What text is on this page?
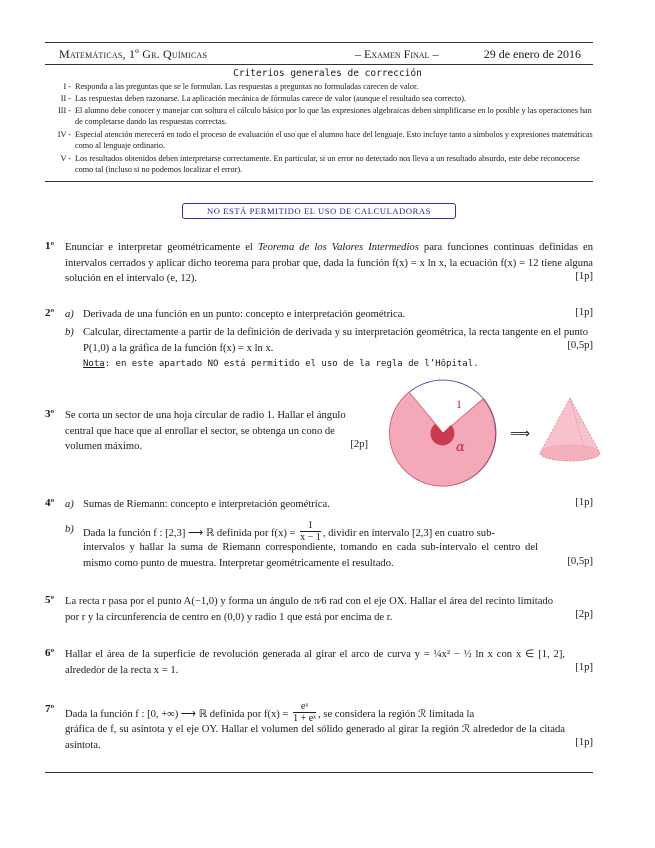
Matemáticas, 1º Gr. Químicas	– Examen Final –	29 de enero de 2016
Criterios generales de corrección
I - Responda a las preguntas que se le formulan. Las respuestas a preguntas no formuladas carecen de valor.
II - Las respuestas deben razonarse. La aplicación mecánica de fórmulas carece de valor (aunque el resultado sea correcto).
III - El alumno debe conocer y manejar con soltura el cálculo básico por lo que las expresiones algebraicas deben simplificarse en lo posible y las operaciones han de completarse dando las respuestas correctas.
IV - Especial atención merecerá en todo el proceso de evaluación el uso que el alumno hace del lenguaje. Esto incluye tanto a símbolos y expresiones matemáticas como al lenguaje ordinario.
V - Los resultados obtenidos deben interpretarse correctamente. En particular, si un error no detectado nos lleva a un resultado absurdo, este debe reconocerse como tal (incluso si no podemos localizar el error).
NO ESTÁ PERMITIDO EL USO DE CALCULADORAS
1º Enunciar e interpretar geométricamente el Teorema de los Valores Intermedios para funciones continuas definidas en intervalos cerrados y aplicar dicho teorema para probar que, dada la función f(x) = x ln x, la ecuación f(x) = 12 tiene alguna solución en el intervalo (e, 12).	[1p]
2º a) Derivada de una función en un punto: concepto e interpretación geométrica.	[1p]
b) Calcular, directamente a partir de la definición de derivada y su interpretación geométrica, la recta tangente en el punto P(1,0) a la gráfica de la función f(x) = x ln x.	[0,5p]
Nota: en este apartado NO está permitido el uso de la regla de l’Hôpital.
3º Se corta un sector de una hoja circular de radio 1. Hallar el ángulo central que hace que al enrollar el sector, se obtenga un cono de volumen máximo.	[2p]	α
1
⟹
4º a) Sumas de Riemann: concepto e interpretación geométrica.	[1p]
b) Dada la función f : [2,3] ⟶ ℝ definida por $f(x) = \frac{1}{x - 1}$ , dividir en intervalo [2,3] en cuatro sub-
intervalos y hallar la suma de Riemann correspondiente, tomando en cada sub-intervalo el centro del mismo como punto de muestra. Interpretar geométricamente el resultado.	[0,5p]
5º La recta r pasa por el punto A(−1,0) y forma un ángulo de π⁄6 rad con el eje OX. Hallar el área del recinto limitado por r y la circunferencia de centro en (0,0) y radio 1 que está por encima de r.	[2p]
6º Hallar el área de la superficie de revolución generada al girar el arco de curva y = ¼x² − ½ ln x con x ∈ [1, 2], alrededor de la recta x = 1.	[1p]
7º Dada la función f : [0, +∞) ⟶ ℝ definida por $f(x) = \frac{\text{eˣ}}{\text{1 + eˣ}}$ , se considera la región ℛ limitada la
gráfica de f, su asíntota y el eje OY. Hallar el volumen del sólido generado al girar la región ℛ alrededor de la citada asíntota.	[1p]
